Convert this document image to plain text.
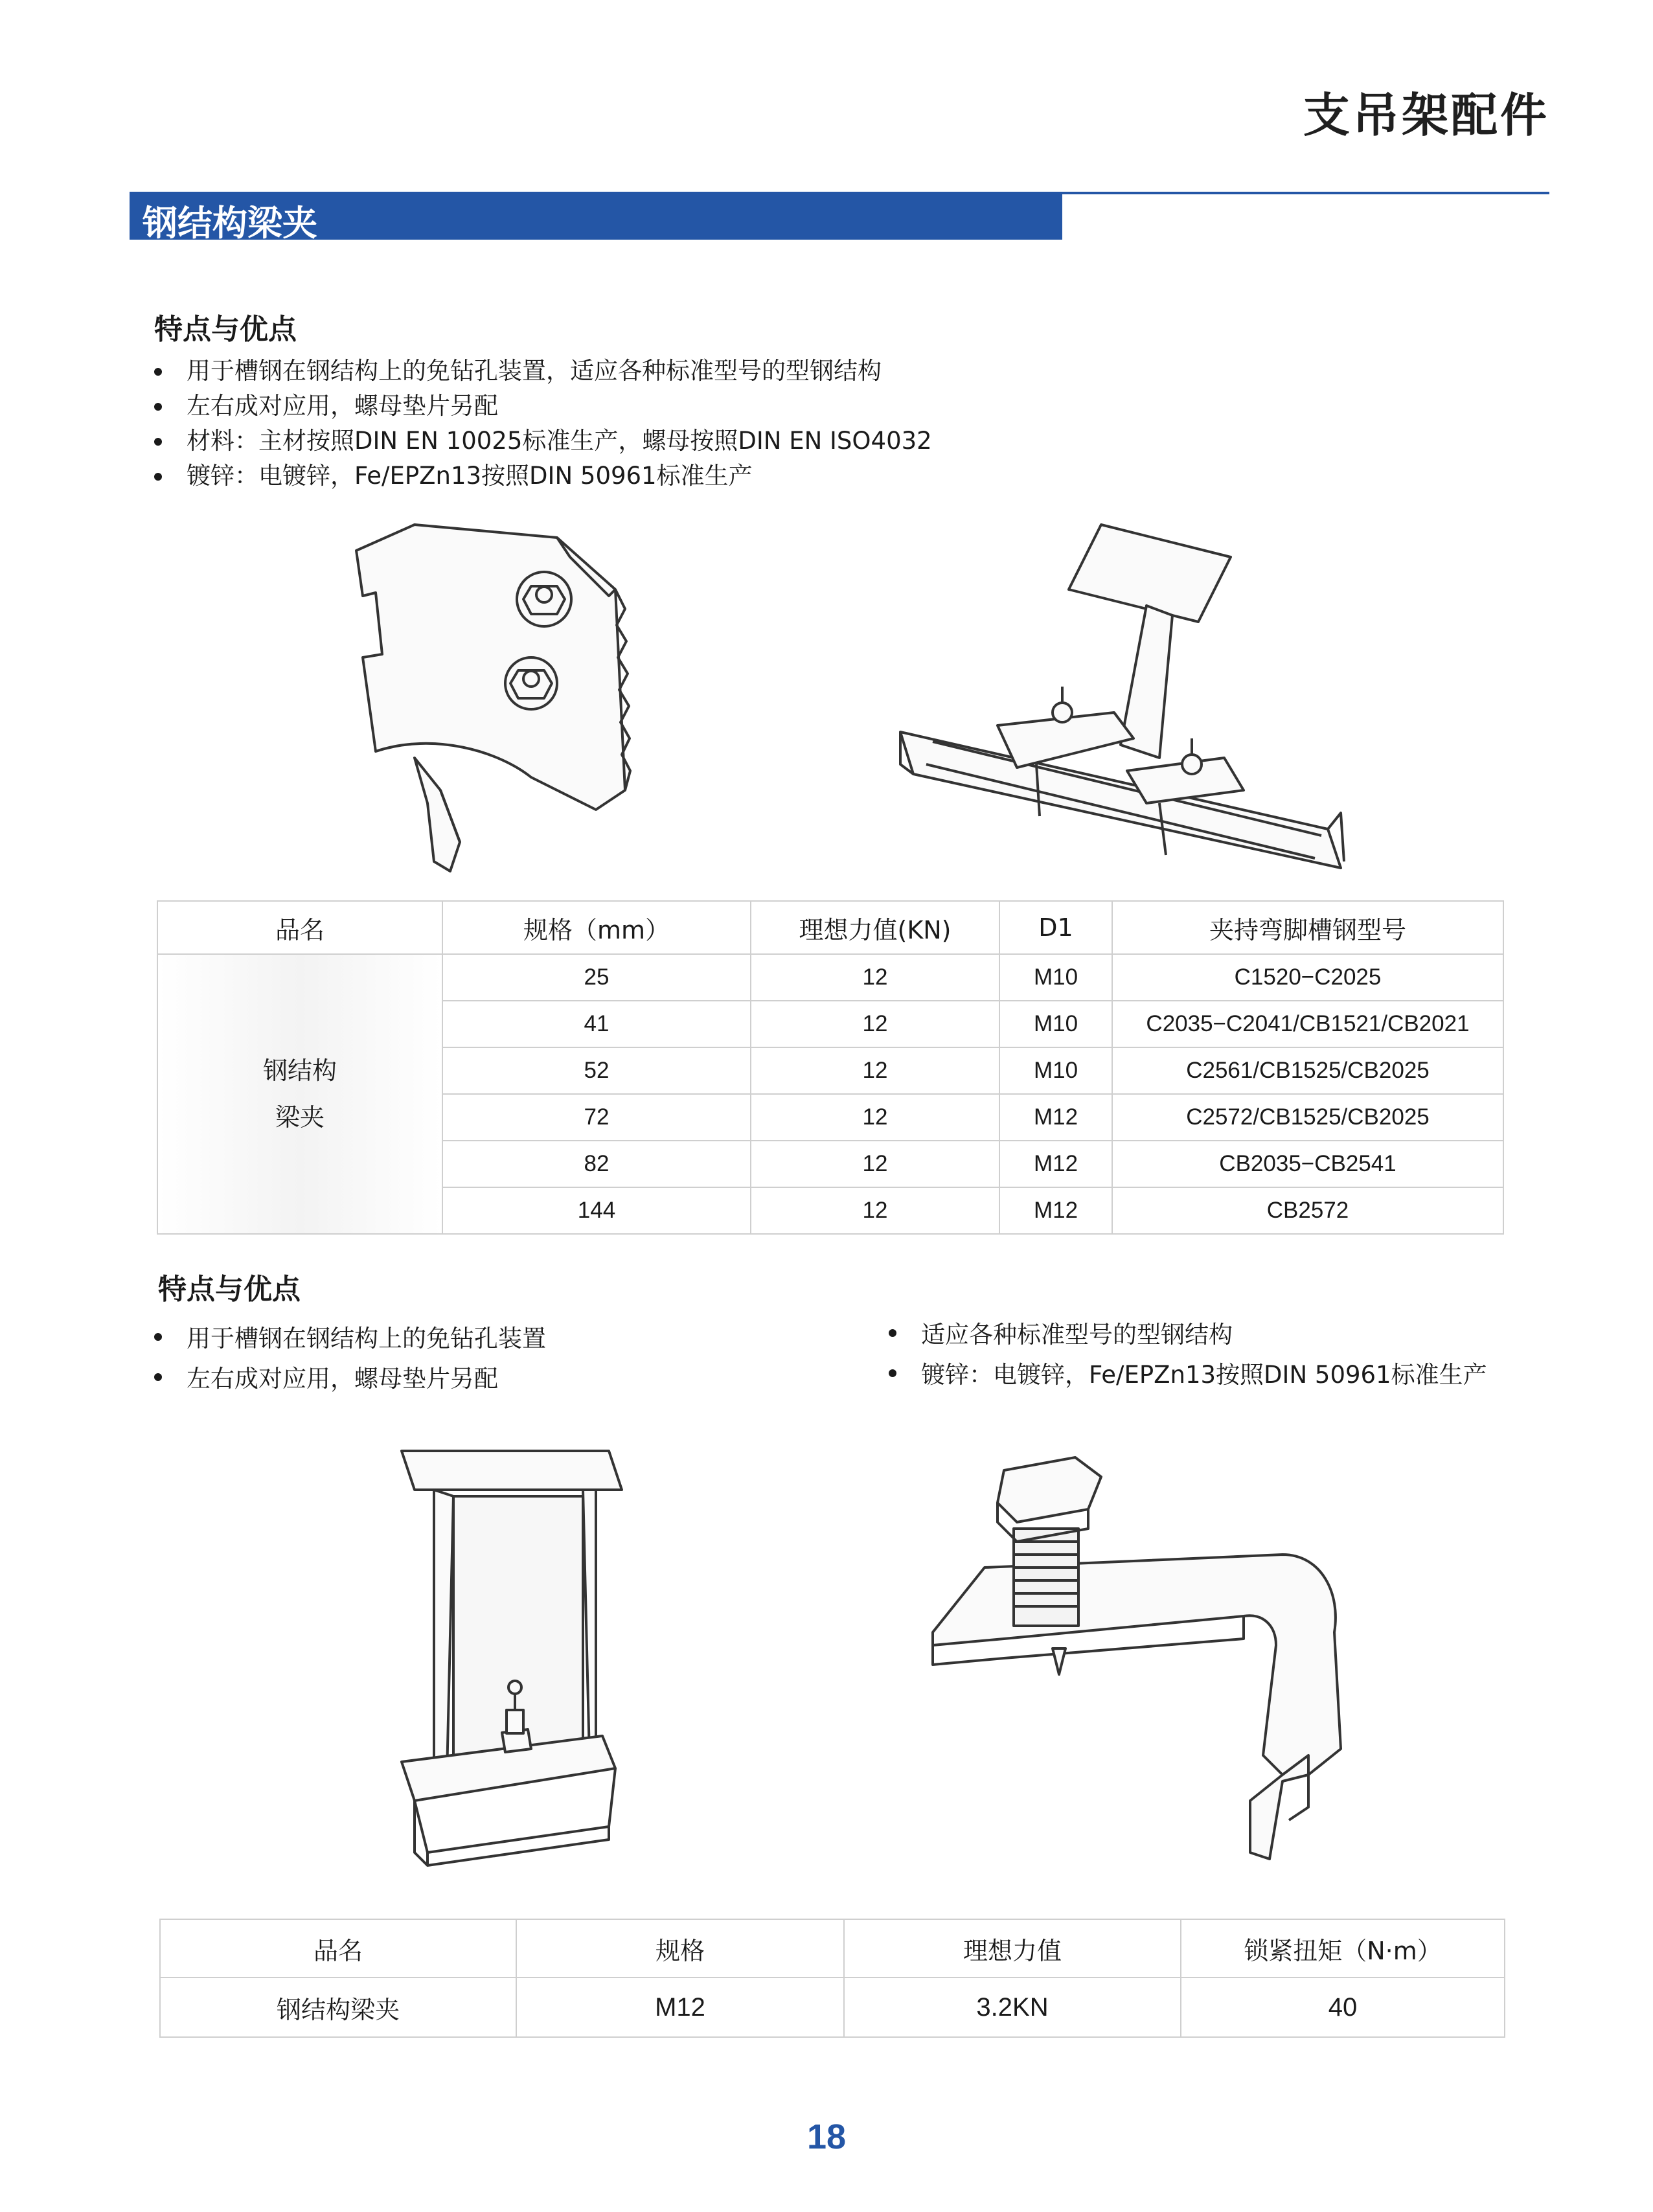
支吊架配件
钢结构梁夹
特点与优点
用于槽钢在钢结构上的免钻孔装置，适应各种标准型号的型钢结构
左右成对应用，螺母垫片另配
材料：主材按照DIN EN 10025标准生产，螺母按照DIN EN ISO4032
镀锌：电镀锌，Fe/EPZn13按照DIN 50961标准生产
品名	规格（mm）	理想力值(KN)	D1	夹持弯脚槽钢型号

钢结构
梁夹	25	12	M10	C1520−C2025
	41	12	M10	C2035−C2041/CB1521/CB2021
	52	12	M10	C2561/CB1525/CB2025
	72	12	M12	C2572/CB1525/CB2025
	82	12	M12	CB2035−CB2541
	144	12	M12	CB2572
特点与优点
用于槽钢在钢结构上的免钻孔装置
左右成对应用，螺母垫片另配
适应各种标准型号的型钢结构
镀锌：电镀锌，Fe/EPZn13按照DIN 50961标准生产
品名	规格	理想力值	锁紧扭矩（N·m）
钢结构梁夹	M12	3.2KN	40
18
